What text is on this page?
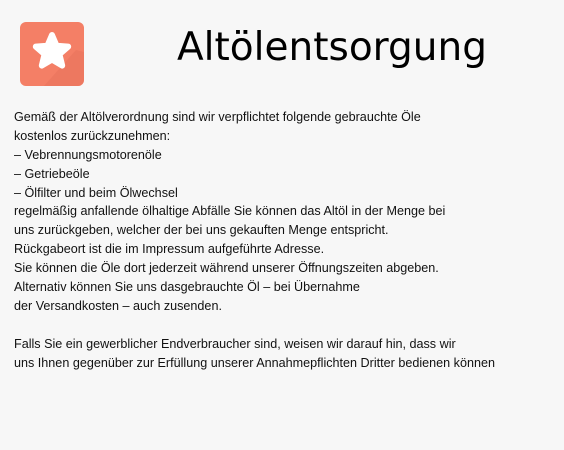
Altölentsorgung
Gemäß der Altölverordnung sind wir verpflichtet folgende gebrauchte Öle
kostenlos zurückzunehmen:
– Vebrennungsmotorenöle
– Getriebeöle
– Ölfilter und beim Ölwechsel
regelmäßig anfallende ölhaltige Abfälle Sie können das Altöl in der Menge bei
uns zurückgeben, welcher der bei uns gekauften Menge entspricht.
Rückgabeort ist die im Impressum aufgeführte Adresse.
Sie können die Öle dort jederzeit während unserer Öffnungszeiten abgeben.
Alternativ können Sie uns dasgebrauchte Öl – bei Übernahme
der Versandkosten – auch zusenden.
Falls Sie ein gewerblicher Endverbraucher sind, weisen wir darauf hin, dass wir
uns Ihnen gegenüber zur Erfüllung unserer Annahmepflichten Dritter bedienen können
